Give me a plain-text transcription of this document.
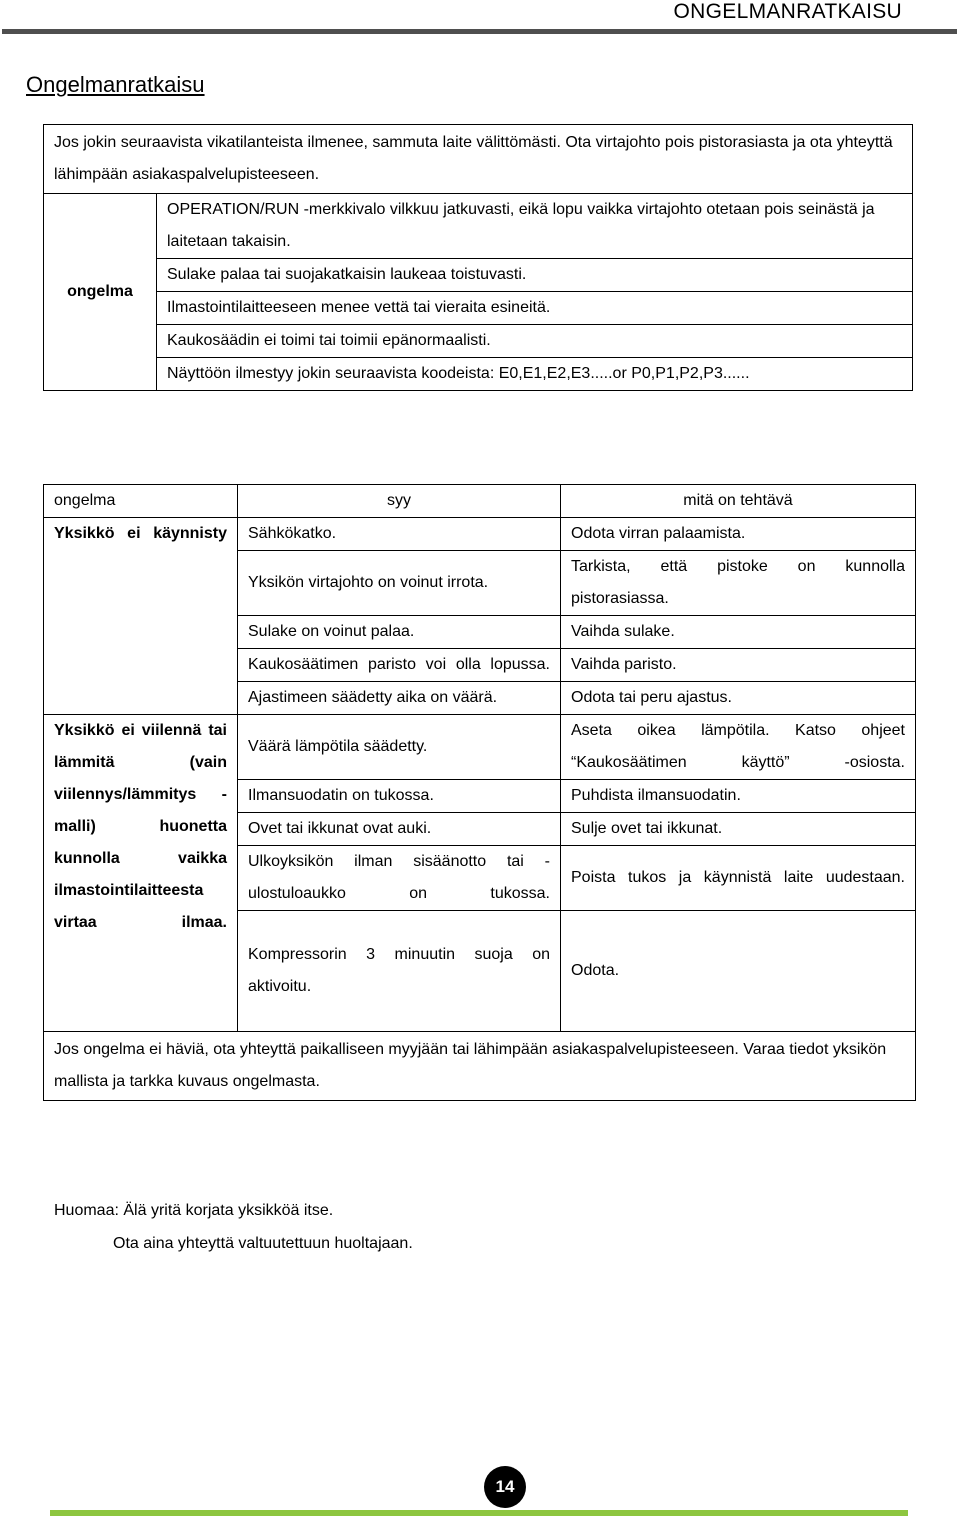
ONGELMANRATKAISU
Ongelmanratkaisu
Jos jokin seuraavista vikatilanteista ilmenee, sammuta laite välittömästi. Ota virtajohto pois pistorasiasta ja ota yhteyttä lähimpään asiakaspalvelupisteeseen.
ongelma	OPERATION/RUN -merkkivalo vilkkuu jatkuvasti, eikä lopu vaikka virtajohto otetaan pois seinästä ja laitetaan takaisin.
Sulake palaa tai suojakatkaisin laukeaa toistuvasti.
Ilmastointilaitteeseen menee vettä tai vieraita esineitä.
Kaukosäädin ei toimi tai toimii epänormaalisti.
Näyttöön ilmestyy jokin seuraavista koodeista: E0,E1,E2,E3.....or P0,P1,P2,P3......
ongelma	syy	mitä on tehtävä
Yksikkö ei käynnisty	Sähkökatko.	Odota virran palaamista.
	Yksikön virtajohto on voinut irrota.	Tarkista, että pistoke on kunnolla pistorasiassa.
	Sulake on voinut palaa.	Vaihda sulake.
	Kaukosäätimen paristo voi olla lopussa.	Vaihda paristo.
	Ajastimeen säädetty aika on väärä.	Odota tai peru ajastus.
Yksikkö ei viilennä tai lämmitä (vain viilennys/lämmitys -malli) huonetta kunnolla vaikka ilmastointilaitteesta virtaa ilmaa.	Väärä lämpötila säädetty.	Aseta oikea lämpötila. Katso ohjeet “Kaukosäätimen käyttö” -osiosta.
	Ilmansuodatin on tukossa.	Puhdista ilmansuodatin.
	Ovet tai ikkunat ovat auki.	Sulje ovet tai ikkunat.
	Ulkoyksikön ilman sisäänotto tai -ulostuloaukko on tukossa.	Poista tukos ja käynnistä laite uudestaan.
	Kompressorin 3 minuutin suoja on aktivoitu.	Odota.
Jos ongelma ei häviä, ota yhteyttä paikalliseen myyjään tai lähimpään asiakaspalvelupisteeseen. Varaa tiedot yksikön mallista ja tarkka kuvaus ongelmasta.		
Huomaa: Älä yritä korjata yksikköä itse.
Ota aina yhteyttä valtuutettuun huoltajaan.
14
